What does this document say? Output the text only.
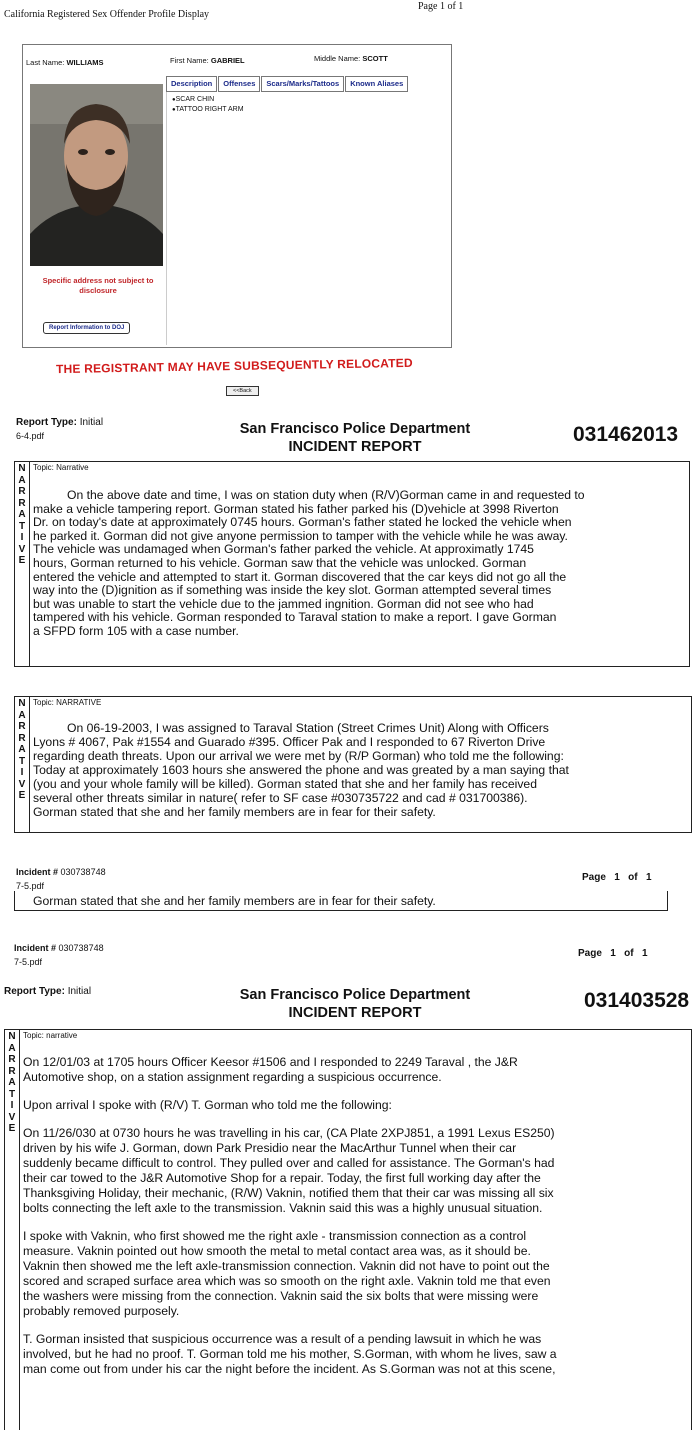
California Registered Sex Offender Profile Display
Page 1 of 1
Last Name: WILLIAMS	First Name: GABRIEL	Middle Name: SCOTT
Description	Offenses	Scars/Marks/Tattoos	Known Aliases
● SCAR CHIN
● TATTOO RIGHT ARM
Specific address not subject to disclosure
Report Information to DOJ
THE REGISTRANT MAY HAVE SUBSEQUENTLY RELOCATED
<<Back
Report Type: Initial
6-4.pdf	San Francisco Police Department
INCIDENT REPORT
031462013
N
A
R
R
A
T
I
V
E
Topic: Narrative

On the above date and time, I was on station duty when (R/V)Gorman came in and requested to

make a vehicle tampering report. Gorman stated his father parked his (D)vehicle at 3998 Riverton

Dr. on today's date at approximately 0745 hours. Gorman's father stated he locked the vehicle when

he parked it. Gorman did not give anyone permission to tamper with the vehicle while he was away.

The vehicle was undamaged when Gorman's father parked the vehicle. At approximatly 1745

hours, Gorman returned to his vehicle. Gorman saw that the vehicle was unlocked. Gorman

entered the vehicle and attempted to start it. Gorman discovered that the car keys did not go all the

way into the (D)ignition as if something was inside the key slot. Gorman attempted several times

but was unable to start the vehicle due to the jammed ingnition. Gorman did not see who had

tampered with his vehicle. Gorman responded to Taraval station to make a report. I gave Gorman

a SFPD form 105 with a case number.

N
A
R
R
A
T
I
V
E
Topic: NARRATIVE

On 06-19-2003, I was assigned to Taraval Station (Street Crimes Unit) Along with Officers

Lyons # 4067, Pak #1554 and Guarado #395. Officer Pak and I responded to 67 Riverton Drive

regarding death threats. Upon our arrival we were met by (R/P Gorman) who told me the following:

Today at approximately 1603 hours she answered the phone and was greated by a man saying that

(you and your whole family will be killed). Gorman stated that she and her family has received

several other threats similar in nature( refer to SF case #030735722 and cad # 031700386).

Gorman stated that she and her family members are in fear for their safety.

Incident # 030738748	Page 1 of 1
7-5.pdf
Gorman stated that she and her family members are in fear for their safety.
Incident # 030738748	Page 1 of 1
7-5.pdf
Report Type: Initial	San Francisco Police Department
INCIDENT REPORT
031403528
N
A
R
R
A
T
I
V
E
Topic: narrative

On 12/01/03 at 1705 hours Officer Keesor #1506 and I responded to 2249 Taraval , the J&R
Automotive shop, on a station assignment regarding a suspicious occurrence.

Upon arrival I spoke with (R/V) T. Gorman who told me the following:

On 11/26/030 at 0730 hours he was travelling in his car, (CA Plate 2XPJ851, a 1991 Lexus ES250)
driven by his wife J. Gorman, down Park Presidio near the MacArthur Tunnel when their car
suddenly became difficult to control. They pulled over and called for assistance. The Gorman's had
their car towed to the J&R Automotive Shop for a repair. Today, the first full working day after the
Thanksgiving Holiday, their mechanic, (R/W) Vaknin, notified them that their car was missing all six
bolts connecting the left axle to the transmission. Vaknin said this was a highly unusual situation.

I spoke with Vaknin, who first showed me the right axle - transmission connection as a control
measure. Vaknin pointed out how smooth the metal to metal contact area was, as it should be.
Vaknin then showed me the left axle-transmission connection. Vaknin did not have to point out the
scored and scraped surface area which was so smooth on the right axle. Vaknin told me that even
the washers were missing from the connection. Vaknin said the six bolts that were missing were
probably removed purposely.

T. Gorman insisted that suspicious occurrence was a result of a pending lawsuit in which he was
involved, but he had no proof. T. Gorman told me his mother, S.Gorman, with whom he lives, saw a
man come out from under his car the night before the incident. As S.Gorman was not at this scene,
